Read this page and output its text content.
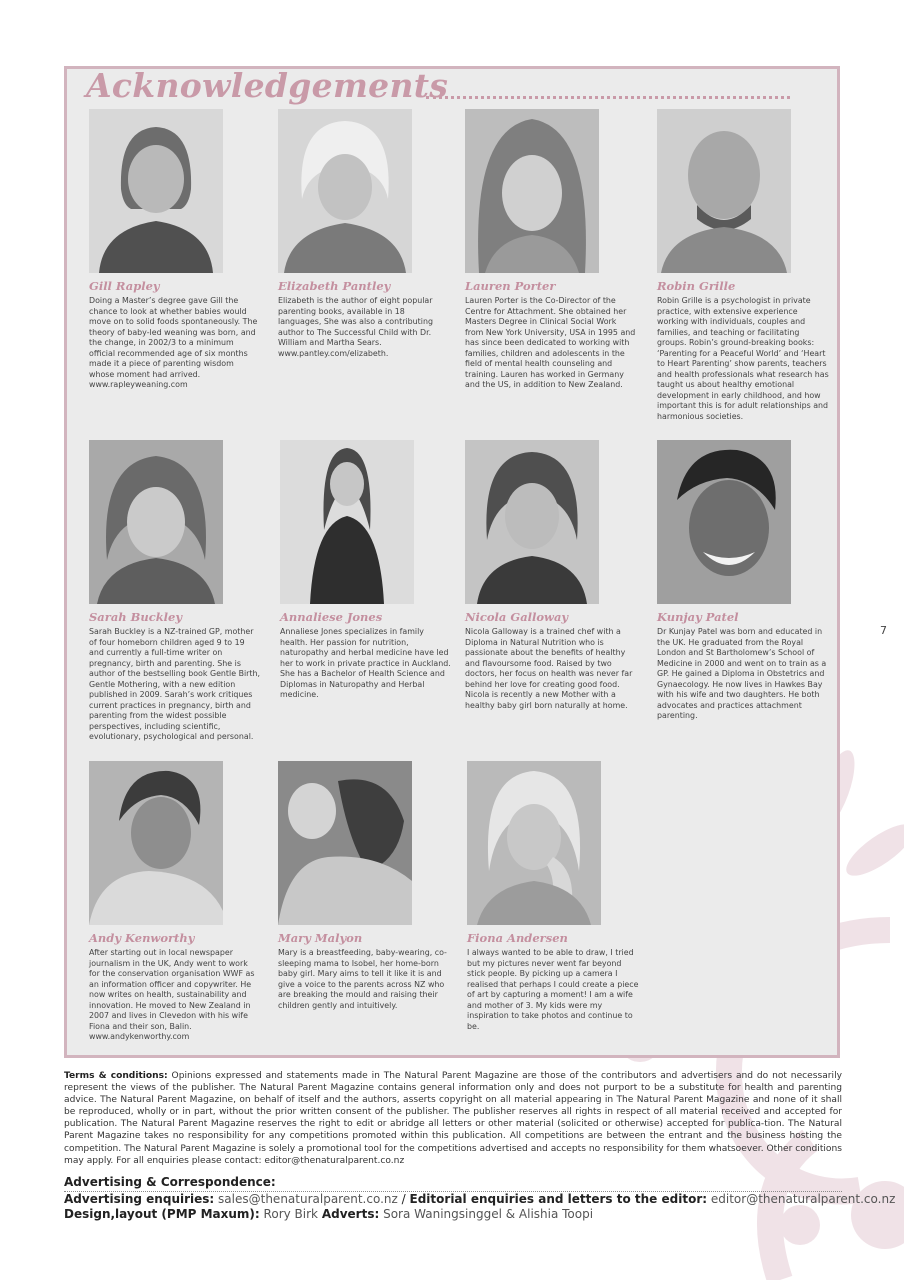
Acknowledgements
Gill Rapley

Doing a Master’s degree gave Gill the chance to look at whether babies would move on to solid foods spontaneously. The theory of baby-led weaning was born, and the change, in 2002/3 to a minimum official recommended age of six months made it a piece of parenting wisdom whose moment had arrived. www.rapleyweaning.com

Elizabeth Pantley

Elizabeth is the author of eight popular parenting books, available in 18 languages, She was also a contributing author to The Successful Child with Dr. William and Martha Sears. www.pantley.com/elizabeth.

Lauren Porter

Lauren Porter is the Co-Director of the Centre for Attachment. She obtained her Masters Degree in Clinical Social Work from New York University, USA in 1995 and has since been dedicated to working with families, children and adolescents in the field of mental health counseling and training. Lauren has worked in Germany and the US, in addition to New Zealand.

Robin Grille

Robin Grille is a psychologist in private practice, with extensive experience working with individuals, couples and families, and teaching or facilitating groups. Robin’s ground-breaking books: ‘Parenting for a Peaceful World’ and ‘Heart to Heart Parenting’ show parents, teachers and health professionals what research has taught us about healthy emotional development in early childhood, and how important this is for adult relationships and harmonious societies.

Sarah Buckley

Sarah Buckley is a NZ-trained GP, mother of four homeborn children aged 9 to 19 and currently a full-time writer on pregnancy, birth and parenting. She is author of the bestselling book Gentle Birth, Gentle Mothering, with a new edition published in 2009. Sarah’s work critiques current practices in pregnancy, birth and parenting from the widest possible perspectives, including scientific, evolutionary, psychological and personal.

Annaliese Jones

Annaliese Jones specializes in family health. Her passion for nutrition, naturopathy and herbal medicine have led her to work in private practice in Auckland. She has a Bachelor of Health Science and Diplomas in Naturopathy and Herbal medicine.

Nicola Galloway

Nicola Galloway is a trained chef with a Diploma in Natural Nutrition who is passionate about the benefits of healthy and flavoursome food. Raised by two doctors, her focus on health was never far behind her love for creating good food. Nicola is recently a new Mother with a healthy baby girl born naturally at home.

Kunjay Patel

Dr Kunjay Patel was born and educated in the UK. He graduated from the Royal London and St Bartholomew’s School of Medicine in 2000 and went on to train as a GP. He gained a Diploma in Obstetrics and Gynaecology. He now lives in Hawkes Bay with his wife and two daughters. He both advocates and practices attachment parenting.

Andy Kenworthy

After starting out in local newspaper journalism in the UK, Andy went to work for the conservation organisation WWF as an information officer and copywriter. He now writes on health, sustainability and innovation. He moved to New Zealand in 2007 and lives in Clevedon with his wife Fiona and their son, Balin. www.andykenworthy.com

Mary Malyon

Mary is a breastfeeding, baby-wearing, co-sleeping mama to Isobel, her home-born baby girl. Mary aims to tell it like it is and give a voice to the parents across NZ who are breaking the mould and raising their children gently and intuitively.

Fiona Andersen

I always wanted to be able to draw, I tried but my pictures never went far beyond stick people. By picking up a camera I realised that perhaps I could create a piece of art by capturing a moment! I am a wife and mother of 3. My kids were my inspiration to take photos and continue to be.

7

Terms & conditions: Opinions expressed and statements made in The Natural Parent Magazine are those of the contributors and advertisers and do not necessarily represent the views of the publisher. The Natural Parent Magazine contains general information only and does not purport to be a substitute for health and parenting advice. The Natural Parent Magazine, on behalf of itself and the authors, asserts copyright on all material appearing in The Natural Parent Magazine and none of it shall be reproduced, wholly or in part, without the prior written consent of the publisher. The publisher reserves all rights in respect of all material received and accepted for publication. The Natural Parent Magazine reserves the right to edit or abridge all letters or other material (solicited or otherwise) accepted for publica-tion. The Natural Parent Magazine takes no responsibility for any competitions promoted within this publication. All competitions are between the entrant and the business hosting the competition. The Natural Parent Magazine is solely a promotional tool for the competitions advertised and accepts no responsibility for them whatsoever. Other conditions may apply. For all enquiries please contact: editor@thenaturalparent.co.nz

Advertising & Correspondence:
Advertising enquiries: sales@thenaturalparent.co.nz / Editorial enquiries and letters to the editor: editor@thenaturalparent.co.nz
Design,layout (PMP Maxum): Rory Birk Adverts: Sora Waningsinggel & Alishia Toopi
